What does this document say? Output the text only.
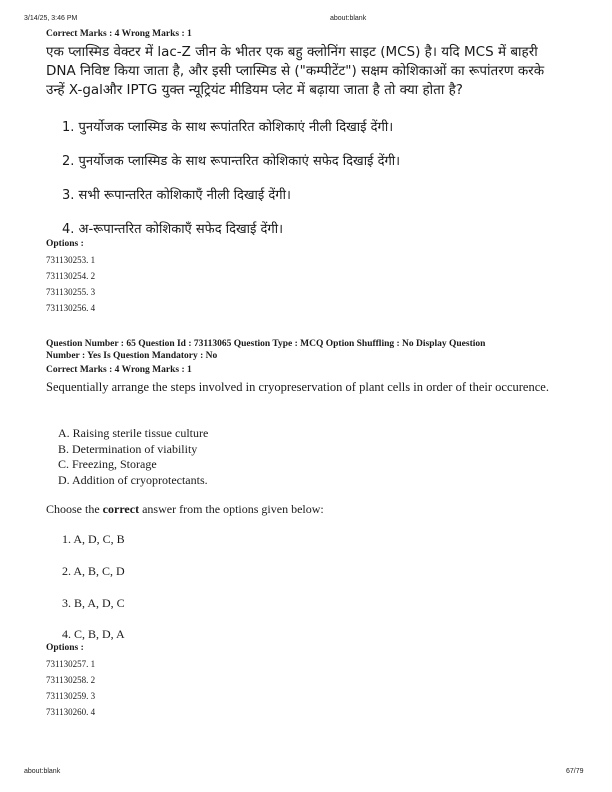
3/14/25, 3:46 PM	about:blank
Correct Marks : 4 Wrong Marks : 1
एक प्लास्मिड वेक्टर में lac-Z जीन के भीतर एक बहु क्लोनिंग साइट (MCS) है। यदि MCS में बाहरी DNA निविष्ट किया जाता है, और इसी प्लास्मिड से ("कम्पीटेंट") सक्षम कोशिकाओं का रूपांतरण करके उन्हें X-galऔर IPTG युक्त न्यूट्रियंट मीडियम प्लेट में बढ़ाया जाता है तो क्या होता है?
1. पुनर्योजक प्लास्मिड के साथ रूपांतरित कोशिकाएं नीली दिखाई देंगी।
2. पुनर्योजक प्लास्मिड के साथ रूपान्तरित कोशिकाएं सफेद दिखाई देंगी।
3. सभी रूपान्तरित कोशिकाएँ नीली दिखाई देंगी।
4. अ-रूपान्तरित कोशिकाएँ सफेद दिखाई देंगी।
Options :
731130253. 1
731130254. 2
731130255. 3
731130256. 4
Question Number : 65 Question Id : 73113065 Question Type : MCQ Option Shuffling : No Display Question
Number : Yes Is Question Mandatory : No
Correct Marks : 4 Wrong Marks : 1
Sequentially arrange the steps involved in cryopreservation of plant cells in order of their occurence.
A. Raising sterile tissue culture
B. Determination of viability
C. Freezing, Storage
D. Addition of cryoprotectants.
Choose the correct answer from the options given below:
1. A, D, C, B
2. A, B, C, D
3. B, A, D, C
4. C, B, D, A
Options :
731130257. 1
731130258. 2
731130259. 3
731130260. 4
about:blank	67/79
